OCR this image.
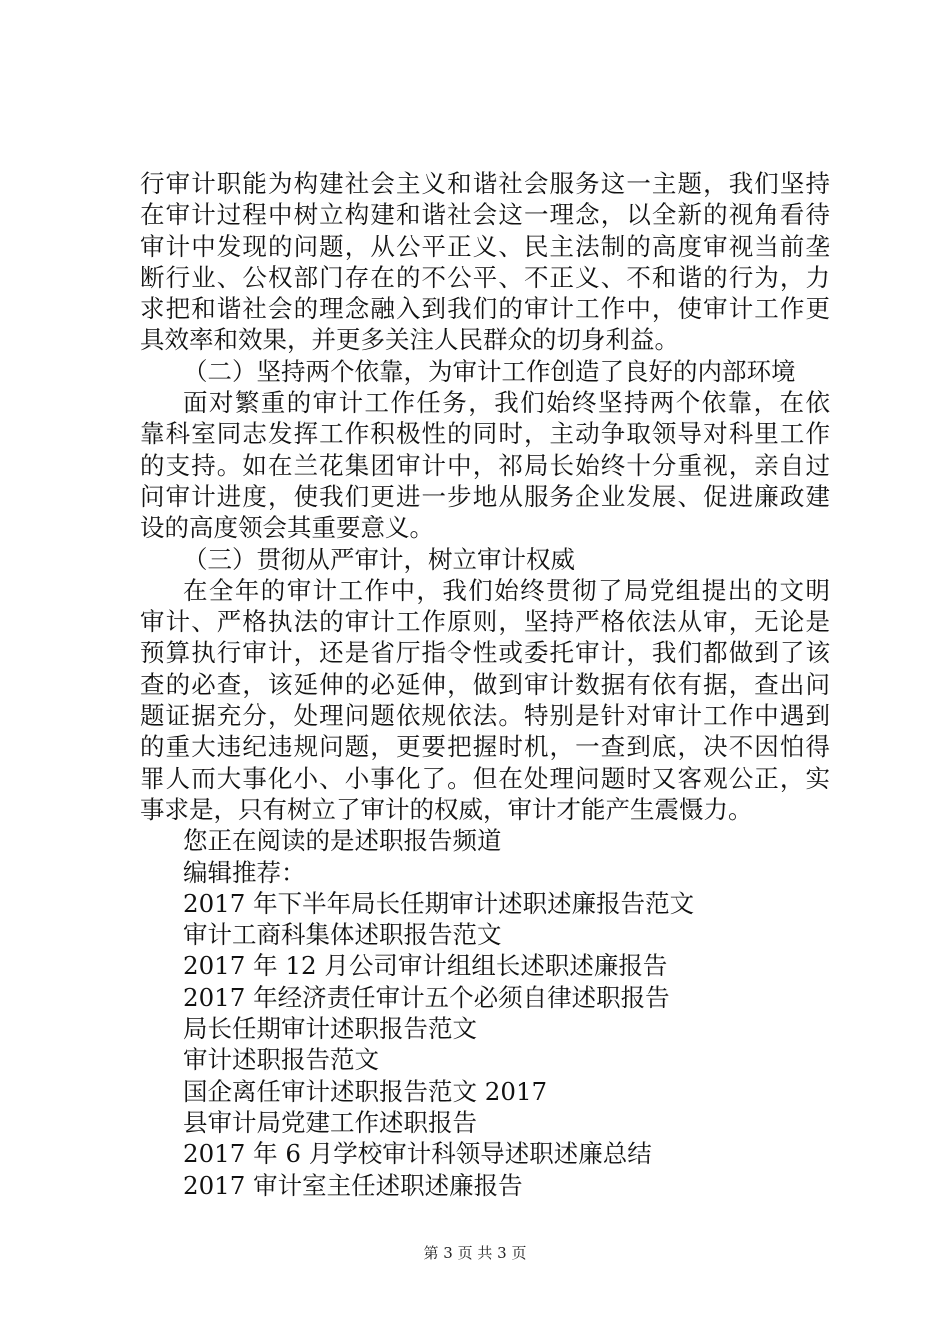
行审计职能为构建社会主义和谐社会服务这一主题，我们坚持
在审计过程中树立构建和谐社会这一理念，以全新的视角看待
审计中发现的问题，从公平正义、民主法制的高度审视当前垄
断行业、公权部门存在的不公平、不正义、不和谐的行为，力
求把和谐社会的理念融入到我们的审计工作中，使审计工作更
具效率和效果，并更多关注人民群众的切身利益。
（二）坚持两个依靠，为审计工作创造了良好的内部环境
面对繁重的审计工作任务，我们始终坚持两个依靠，在依
靠科室同志发挥工作积极性的同时，主动争取领导对科里工作
的支持。如在兰花集团审计中，祁局长始终十分重视，亲自过
问审计进度，使我们更进一步地从服务企业发展、促进廉政建
设的高度领会其重要意义。
（三）贯彻从严审计，树立审计权威
在全年的审计工作中，我们始终贯彻了局党组提出的文明
审计、严格执法的审计工作原则，坚持严格依法从审，无论是
预算执行审计，还是省厅指令性或委托审计，我们都做到了该
查的必查，该延伸的必延伸，做到审计数据有依有据，查出问
题证据充分，处理问题依规依法。特别是针对审计工作中遇到
的重大违纪违规问题，更要把握时机，一查到底，决不因怕得
罪人而大事化小、小事化了。但在处理问题时又客观公正，实
事求是，只有树立了审计的权威，审计才能产生震慑力。
您正在阅读的是述职报告频道
编辑推荐：
2017 年下半年局长任期审计述职述廉报告范文
审计工商科集体述职报告范文
2017 年 12 月公司审计组组长述职述廉报告
2017 年经济责任审计五个必须自律述职报告
局长任期审计述职报告范文
审计述职报告范文
国企离任审计述职报告范文 2017
县审计局党建工作述职报告
2017 年 6 月学校审计科领导述职述廉总结
2017 审计室主任述职述廉报告
第 3 页 共 3 页
